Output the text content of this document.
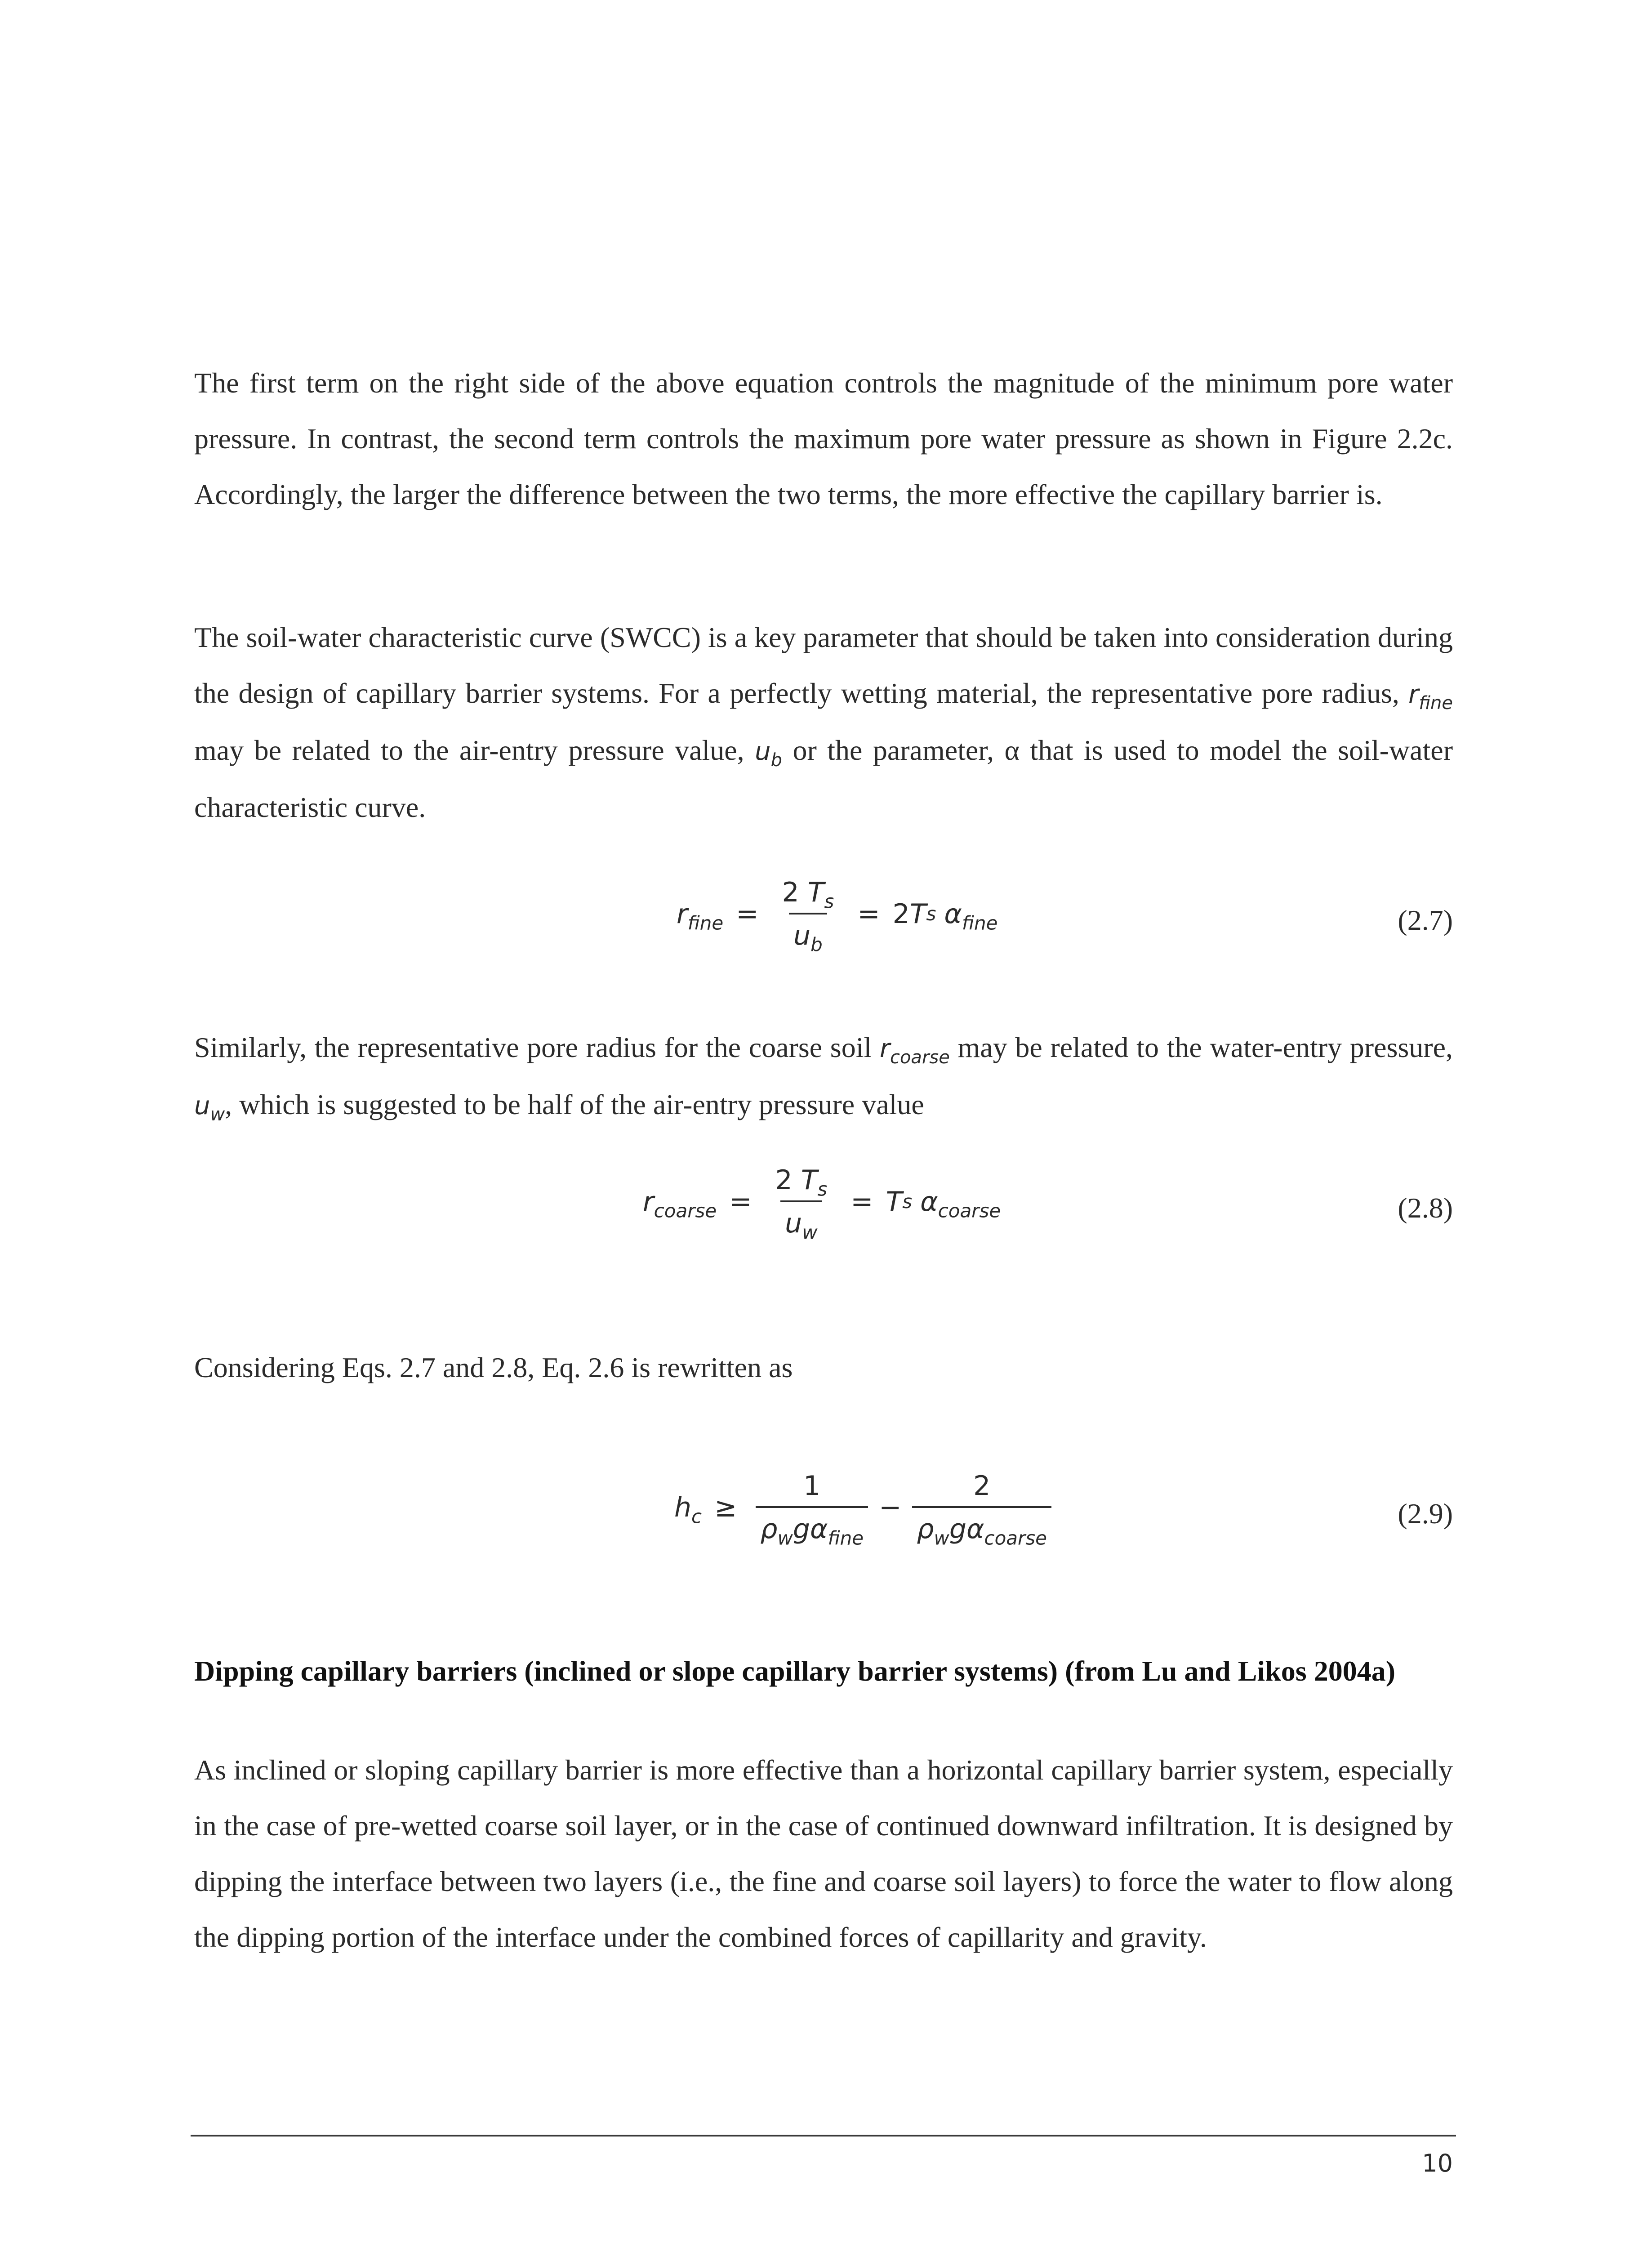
The first term on the right side of the above equation controls the magnitude of the minimum pore water pressure. In contrast, the second term controls the maximum pore water pressure as shown in Figure 2.2c. Accordingly, the larger the difference between the two terms, the more effective the capillary barrier is.

The soil-water characteristic curve (SWCC) is a key parameter that should be taken into consideration during the design of capillary barrier systems. For a perfectly wetting material, the representative pore radius, $r_{fine}$ may be related to the air-entry pressure value, $u_b$ or the parameter, α that is used to model the soil-water characteristic curve.

$r_{fine} = \frac{2 T_s}{u_b} = 2$ T s $\alpha_{fine}$	(2.7)

Similarly, the representative pore radius for the coarse soil $r_{coarse}$ may be related to the water-entry pressure, $u_w$, which is suggested to be half of the air-entry pressure value

$r_{coarse} = \frac{2 T_s}{u_w} = T$ s $\alpha_{coarse}$	(2.8)

Considering Eqs. 2.7 and 2.8, Eq. 2.6 is rewritten as

$h_c \ge \frac{1}{\rho_wg\alpha_{fine}} - \frac{2}{\rho_wg\alpha_{coarse}}$	(2.9)
Dipping capillary barriers (inclined or slope capillary barrier systems) (from Lu and Likos 2004a)

As inclined or sloping capillary barrier is more effective than a horizontal capillary barrier system, especially in the case of pre-wetted coarse soil layer, or in the case of continued downward infiltration. It is designed by dipping the interface between two layers (i.e., the fine and coarse soil layers) to force the water to flow along the dipping portion of the interface under the combined forces of capillarity and gravity.

10
